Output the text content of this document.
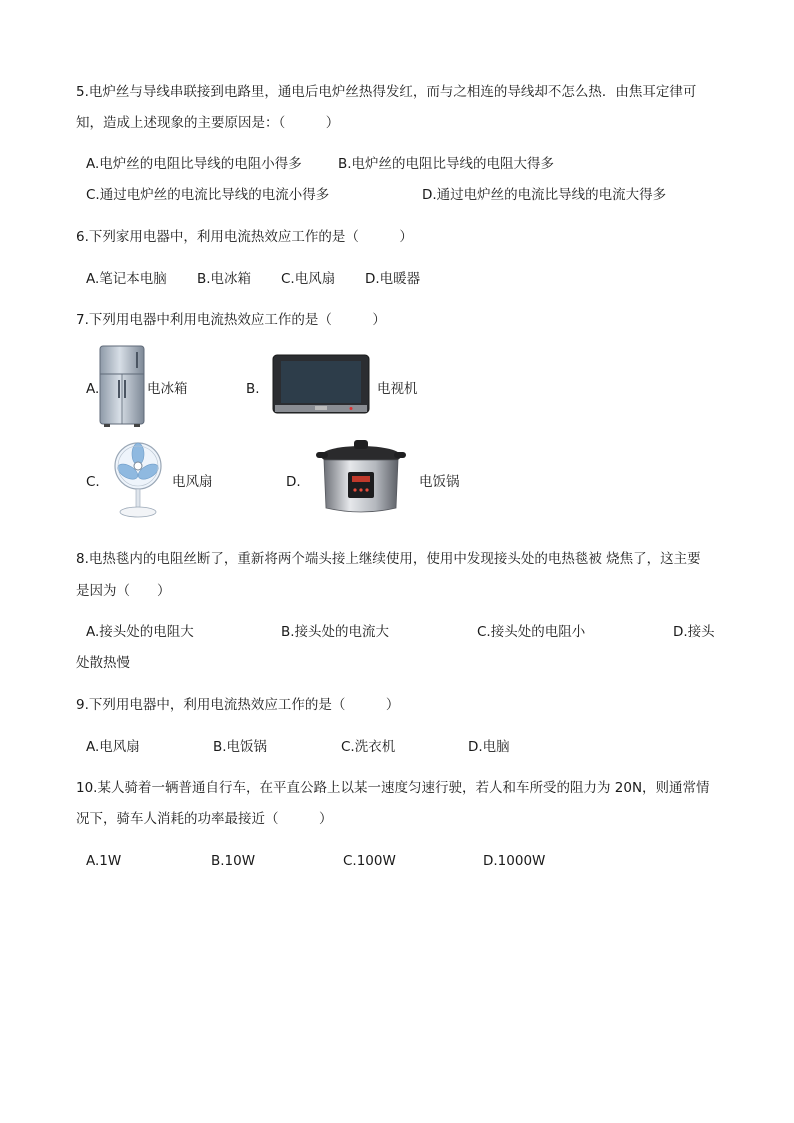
5.电炉丝与导线串联接到电路里，通电后电炉丝热得发红，而与之相连的导线却不怎么热．由焦耳定律可
知，造成上述现象的主要原因是：（　　　）
A.电炉丝的电阻比导线的电阻小得多	B.电炉丝的电阻比导线的电阻大得多
C.通过电炉丝的电流比导线的电流小得多	D.通过电炉丝的电流比导线的电流大得多
6.下列家用电器中，利用电流热效应工作的是（　　　）
A.笔记本电脑 B.电冰箱 C.电风扇 D.电暖器
7.下列用电器中利用电流热效应工作的是（　　　）
A.	电冰箱	B.	电视机
C.	电风扇	D.	电饭锅
8.电热毯内的电阻丝断了，重新将两个端头接上继续使用，使用中发现接头处的电热毯被 烧焦了，这主要
是因为（　　）
A.接头处的电阻大	B.接头处的电流大	C.接头处的电阻小	D.接头
处散热慢
9.下列用电器中，利用电流热效应工作的是（　　　）
A.电风扇	B.电饭锅	C.洗衣机	D.电脑
10.某人骑着一辆普通自行车，在平直公路上以某一速度匀速行驶，若人和车所受的阻力为 20N，则通常情
况下，骑车人消耗的功率最接近（　　　）
A.1W	B.10W	C.100W	D.1000W
